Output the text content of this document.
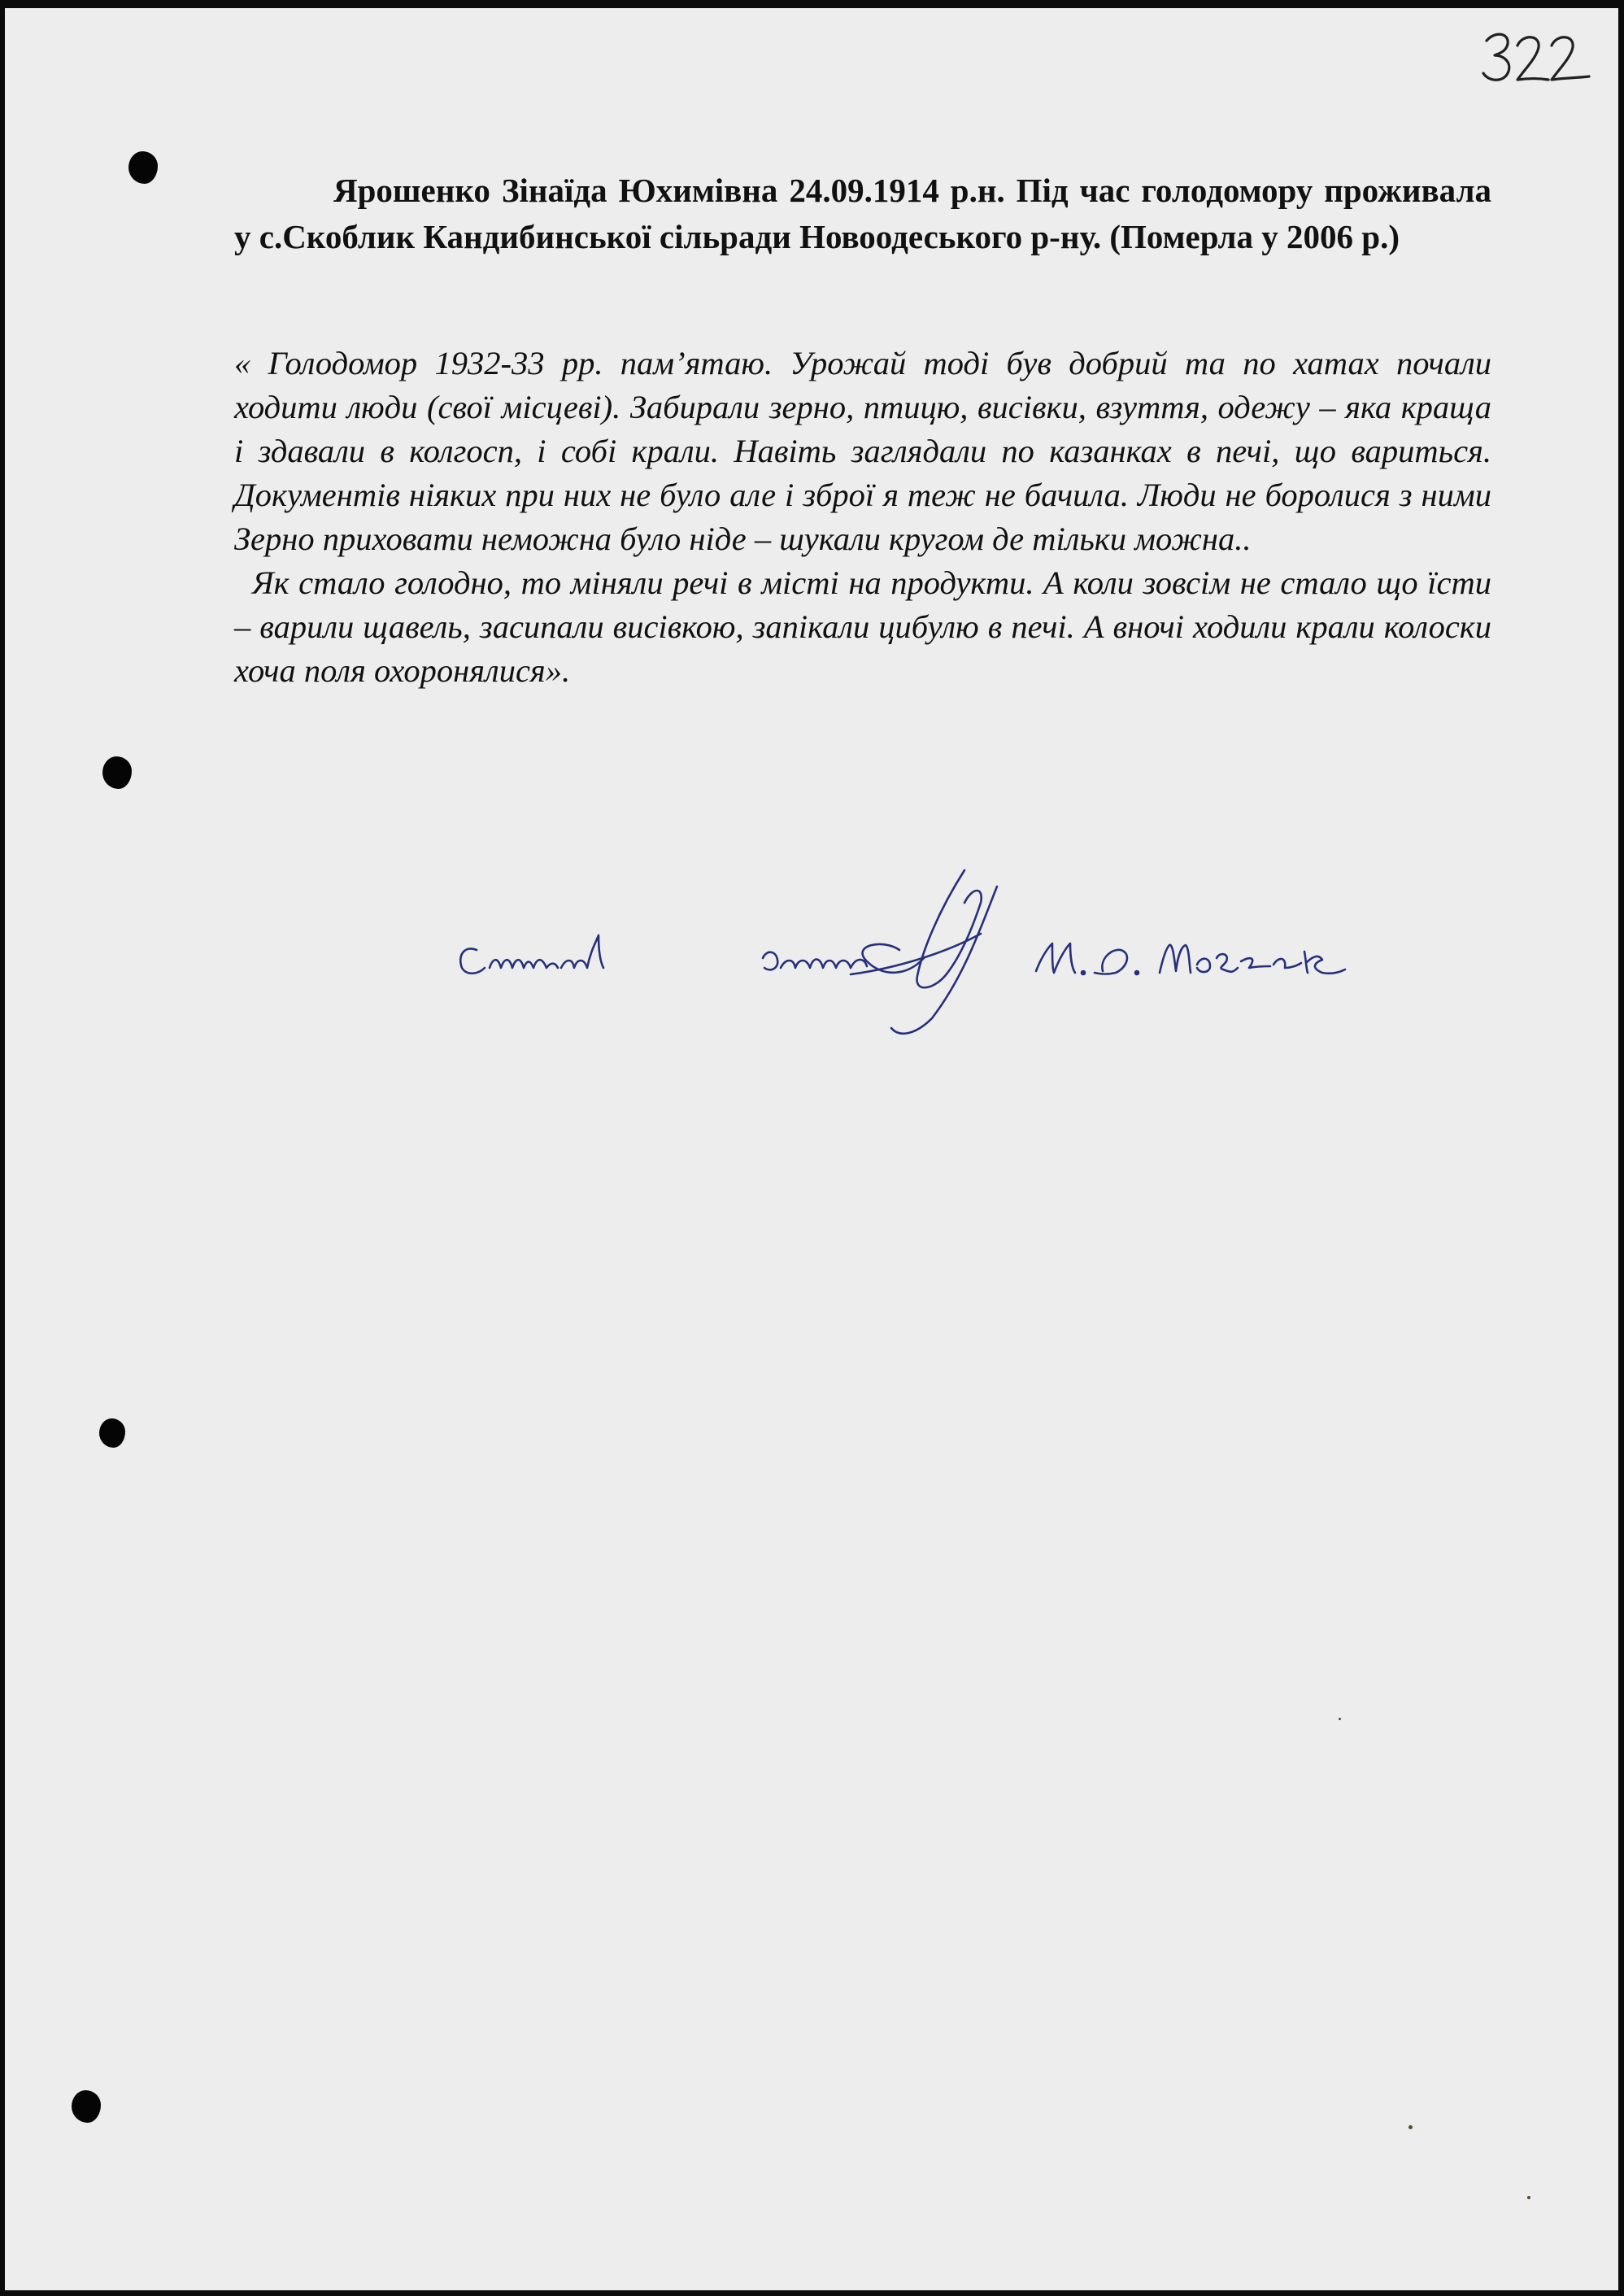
Ярошенко Зінаїда Юхимівна 24.09.1914 р.н. Під час голодомору проживала у с.Скоблик Кандибинської сільради Новоодеського р-ну. (Померла у 2006 р.)

« Голодомор 1932-33 рр. пам’ятаю. Урожай тоді був добрий та по хатах почали ходити люди (свої місцеві). Забирали зерно, птицю, висівки, взуття, одежу – яка краща і здавали в колгосп, і собі крали. Навіть заглядали по казанках в печі, що вариться. Документів ніяких при них не було але і зброї я теж не бачила. Люди не боролися з ними Зерно приховати неможна було ніде – шукали кругом де тільки можна..

Як стало голодно, то міняли речі в місті на продукти. А коли зовсім не стало що їсти – варили щавель, засипали висівкою, запікали цибулю в печі. А вночі ходили крали колоски хоча поля охоронялися».
